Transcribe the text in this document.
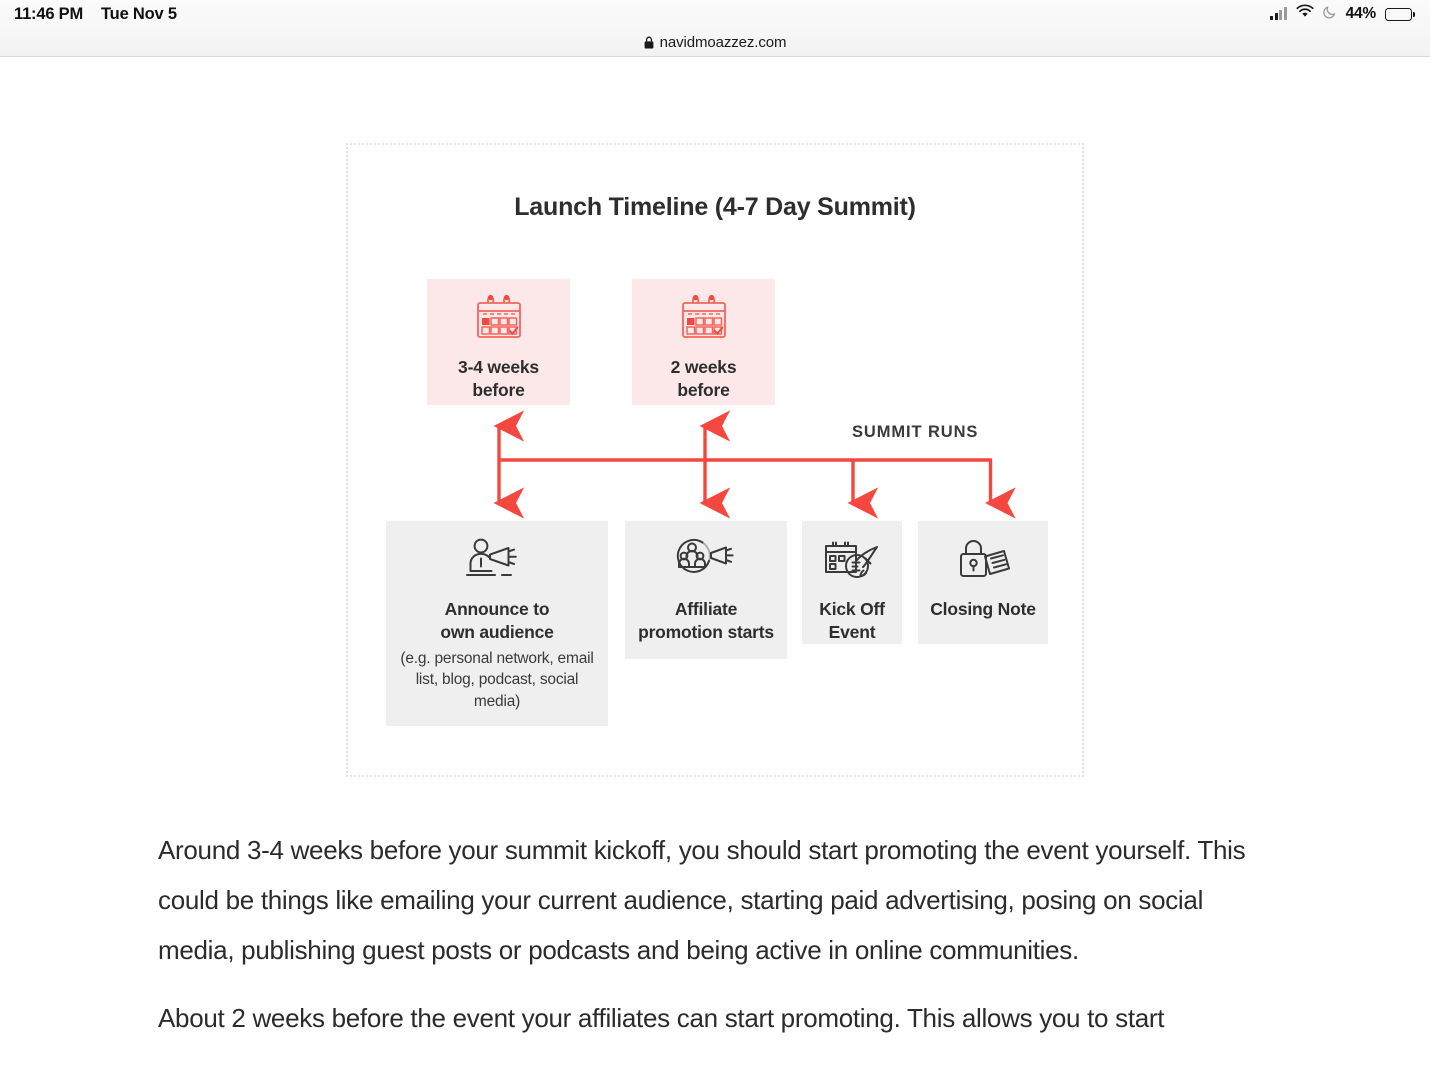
11:46 PM Tue Nov 5	44%
navidmoazzez.com
Launch Timeline (4-7 Day Summit)
3-4 weeks
before
2 weeks
before
SUMMIT RUNS
Announce to
own audience
(e.g. personal network, email list, blog, podcast, social media)
Affiliate
promotion starts
Kick Off
Event
Closing Note

Around 3-4 weeks before your summit kickoff, you should start promoting the event yourself. This could be things like emailing your current audience, starting paid advertising, posing on social media, publishing guest posts or podcasts and being active in online communities.

About 2 weeks before the event your affiliates can start promoting. This allows you to start
